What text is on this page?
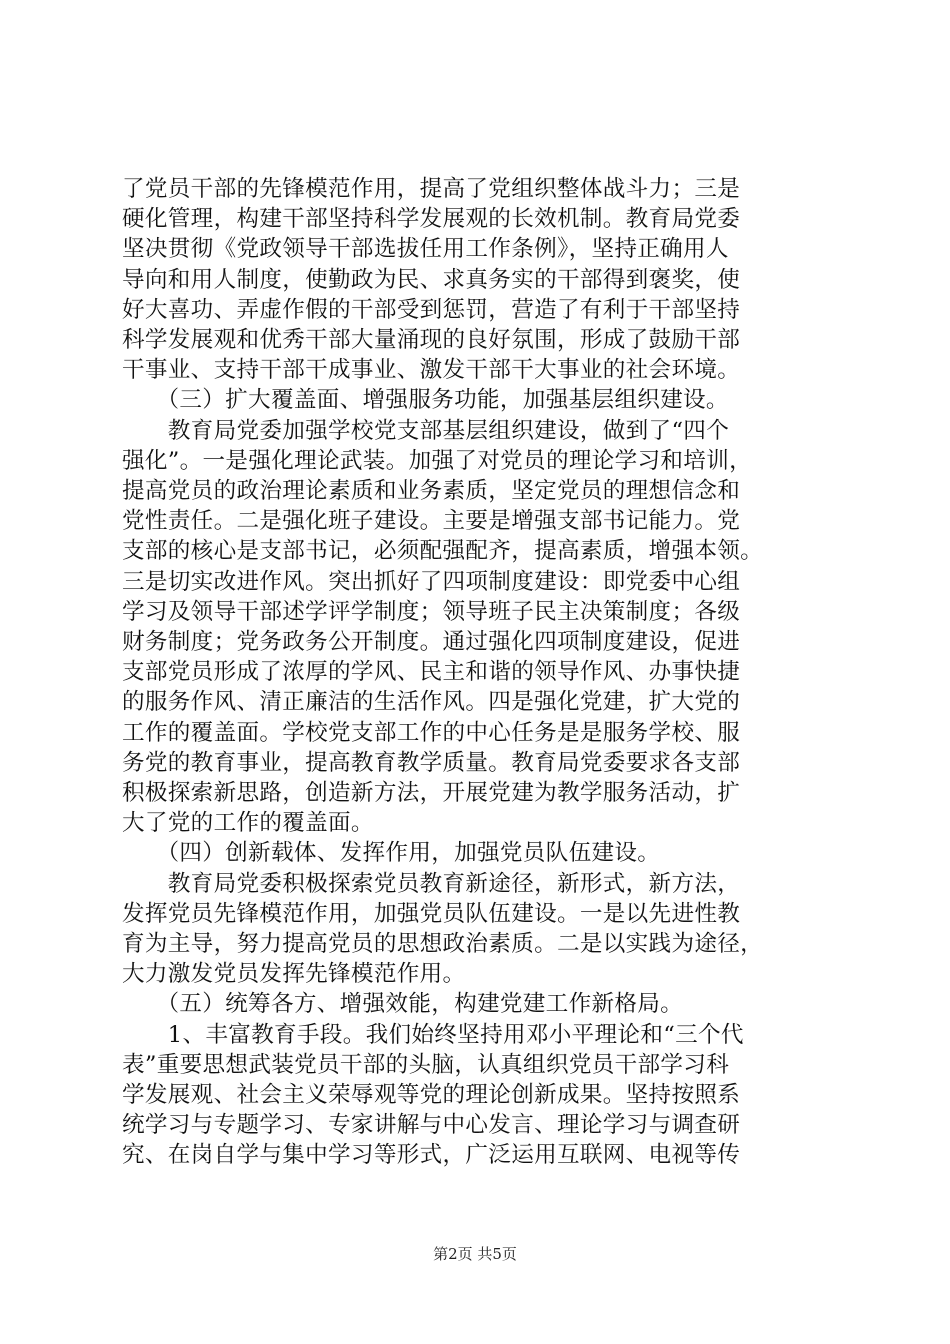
了党员干部的先锋模范作用，提高了党组织整体战斗力；三是
硬化管理，构建干部坚持科学发展观的长效机制。教育局党委
坚决贯彻《党政领导干部选拔任用工作条例》，坚持正确用人
导向和用人制度，使勤政为民、求真务实的干部得到褒奖，使
好大喜功、弄虚作假的干部受到惩罚，营造了有利于干部坚持
科学发展观和优秀干部大量涌现的良好氛围，形成了鼓励干部
干事业、支持干部干成事业、激发干部干大事业的社会环境。
　　（三）扩大覆盖面、增强服务功能，加强基层组织建设。
　　教育局党委加强学校党支部基层组织建设，做到了“四个
强化”。一是强化理论武装。加强了对党员的理论学习和培训，
提高党员的政治理论素质和业务素质，坚定党员的理想信念和
党性责任。二是强化班子建设。主要是增强支部书记能力。党
支部的核心是支部书记，必须配强配齐，提高素质，增强本领。
三是切实改进作风。突出抓好了四项制度建设：即党委中心组
学习及领导干部述学评学制度；领导班子民主决策制度；各级
财务制度；党务政务公开制度。通过强化四项制度建设，促进
支部党员形成了浓厚的学风、民主和谐的领导作风、办事快捷
的服务作风、清正廉洁的生活作风。四是强化党建，扩大党的
工作的覆盖面。学校党支部工作的中心任务是是服务学校、服
务党的教育事业，提高教育教学质量。教育局党委要求各支部
积极探索新思路，创造新方法，开展党建为教学服务活动，扩
大了党的工作的覆盖面。
　　（四）创新载体、发挥作用，加强党员队伍建设。
　　教育局党委积极探索党员教育新途径，新形式，新方法，
发挥党员先锋模范作用，加强党员队伍建设。一是以先进性教
育为主导，努力提高党员的思想政治素质。二是以实践为途径，
大力激发党员发挥先锋模范作用。
　　（五）统筹各方、增强效能，构建党建工作新格局。
　　1、丰富教育手段。我们始终坚持用邓小平理论和“三个代
表”重要思想武装党员干部的头脑，认真组织党员干部学习科
学发展观、社会主义荣辱观等党的理论创新成果。坚持按照系
统学习与专题学习、专家讲解与中心发言、理论学习与调查研
究、在岗自学与集中学习等形式，广泛运用互联网、电视等传
第2页 共5页
